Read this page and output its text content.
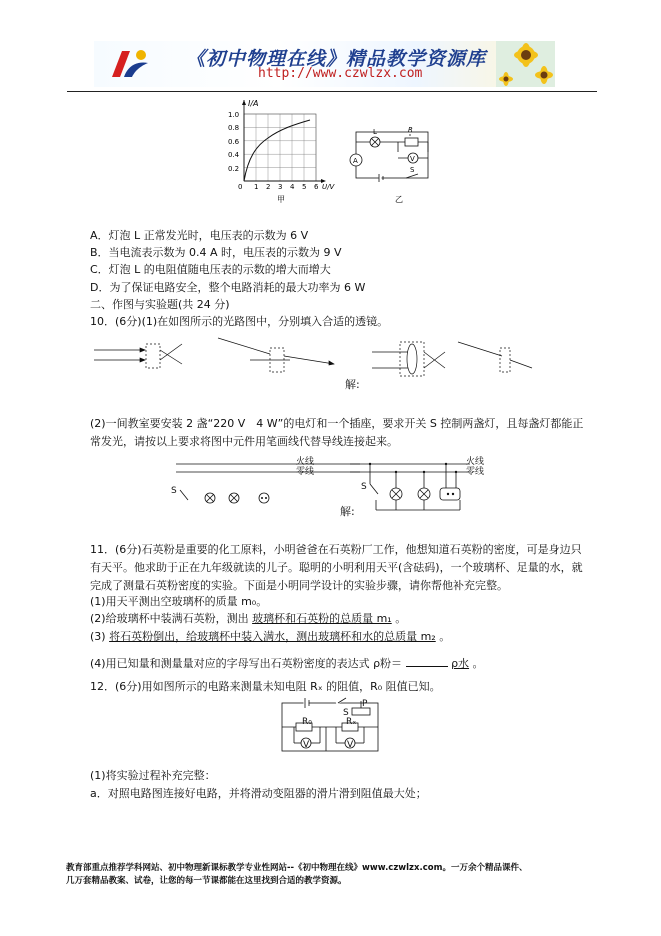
《初中物理在线》精品教学资源库
http://www.czwlzx.com
I/A
1.0
0.8
0.6
0.4
0.2
0 1 2 3 4 5 6 U/V
甲
L	R
A	V
S
乙
A．灯泡 L 正常发光时，电压表的示数为 6 V
B．当电流表示数为 0.4 A 时，电压表的示数为 9 V
C．灯泡 L 的电阻值随电压表的示数的增大而增大
D．为了保证电路安全，整个电路消耗的最大功率为 6 W
二、作图与实验题(共 24 分)
10．(6分)(1)在如图所示的光路图中，分别填入合适的透镜。
解:
(2)一间教室要安装 2 盏“220 V　4 W”的电灯和一个插座，要求开关 S 控制两盏灯，且每盏灯都能正常发光，请按以上要求将图中元件用笔画线代替导线连接起来。
火线
零线
火线
零线
S	S
解:
11．(6分)石英粉是重要的化工原料，小明爸爸在石英粉厂工作，他想知道石英粉的密度，可是身边只有天平。他求助于正在九年级就读的儿子。聪明的小明利用天平(含砝码)，一个玻璃杯、足量的水，就完成了测量石英粉密度的实验。下面是小明同学设计的实验步骤，请你帮他补充完整。
(1)用天平测出空玻璃杯的质量 m₀。
(2)给玻璃杯中装满石英粉，测出 玻璃杯和石英粉的总质量 m₁ 。
(3) 将石英粉倒出，给玻璃杯中装入满水，测出玻璃杯和水的总质量 m₂ 。
(4)用已知量和测量量对应的字母写出石英粉密度的表达式 ρ粉＝	ρ水 。
12．(6分)用如图所示的电路来测量未知电阻 Rₓ 的阻值，R₀ 阻值已知。
S
P
R₀	Rₓ
V	V
(1)将实验过程补充完整：
a．对照电路图连接好电路，并将滑动变阻器的滑片滑到阻值最大处；
教育部重点推荐学科网站、初中物理新课标教学专业性网站--《初中物理在线》www.czwlzx.com。一万余个精品课件、
几万套精品教案、试卷，让您的每一节课都能在这里找到合适的教学资源。
